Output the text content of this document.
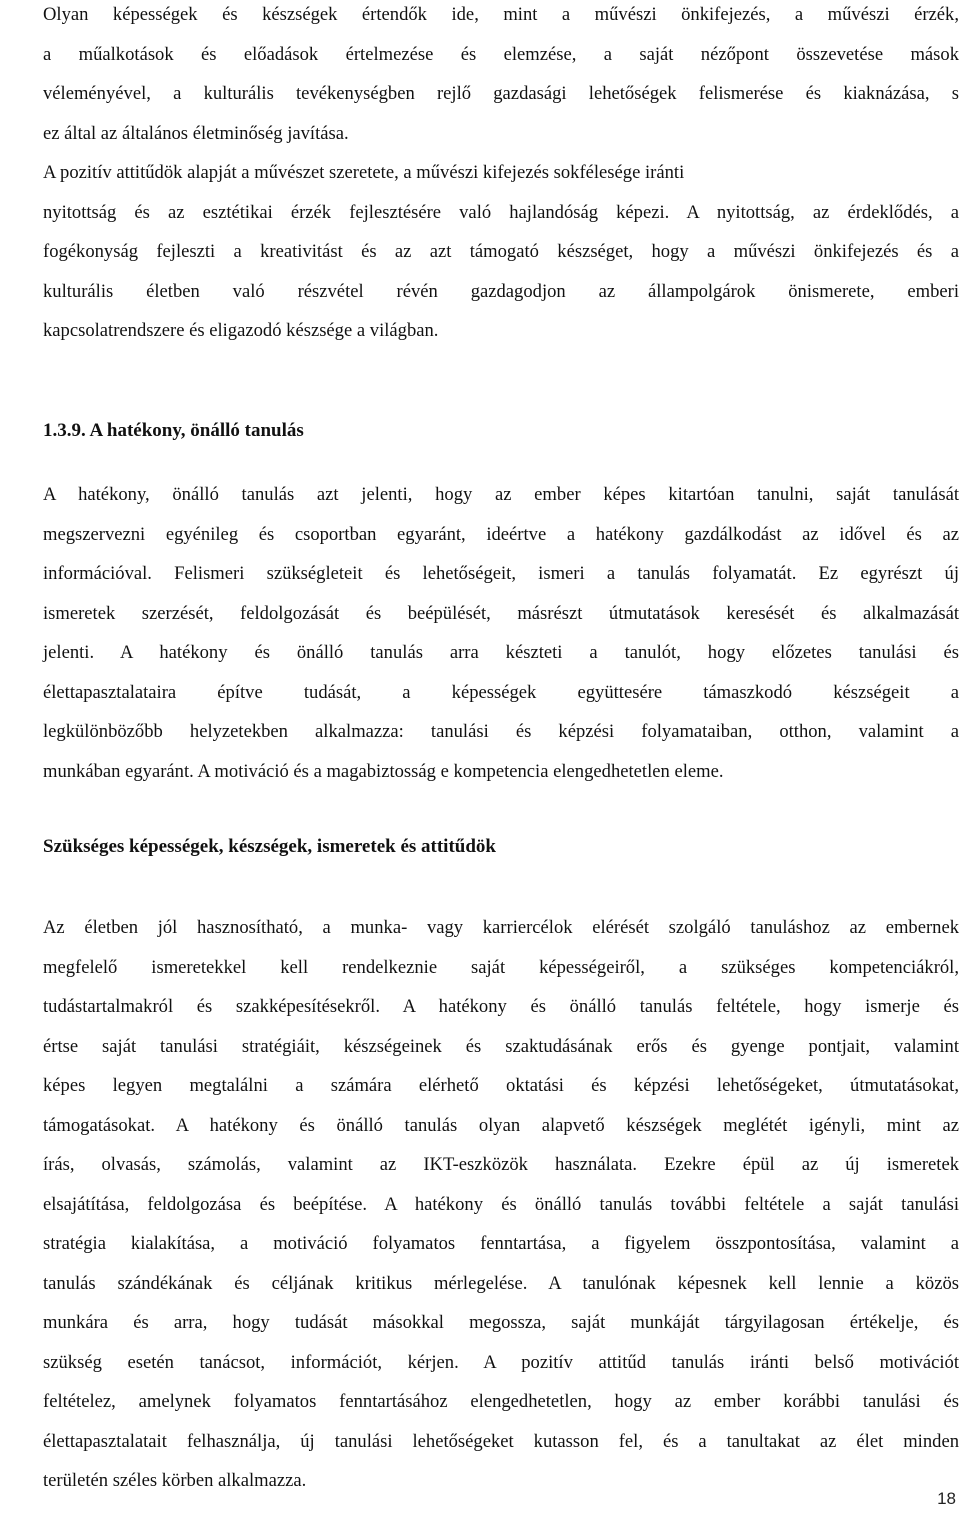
Olyan képességek és készségek értendők ide, mint a művészi önkifejezés, a művészi érzék,
a műalkotások és előadások értelmezése és elemzése, a saját nézőpont összevetése mások
véleményével, a kulturális tevékenységben rejlő gazdasági lehetőségek felismerése és kiaknázása, s
ez által az általános életminőség javítása.
A pozitív attitűdök alapját a művészet szeretete, a művészi kifejezés sokfélesége iránti
nyitottság és az esztétikai érzék fejlesztésére való hajlandóság képezi. A nyitottság, az érdeklődés, a
fogékonyság fejleszti a kreativitást és az azt támogató készséget, hogy a művészi önkifejezés és a
kulturális életben való részvétel révén gazdagodjon az állampolgárok önismerete, emberi
kapcsolatrendszere és eligazodó készsége a világban.
1.3.9. A hatékony, önálló tanulás
A hatékony, önálló tanulás azt jelenti, hogy az ember képes kitartóan tanulni, saját tanulását
megszervezni egyénileg és csoportban egyaránt, ideértve a hatékony gazdálkodást az idővel és az
információval. Felismeri szükségleteit és lehetőségeit, ismeri a tanulás folyamatát. Ez egyrészt új
ismeretek szerzését, feldolgozását és beépülését, másrészt útmutatások keresését és alkalmazását
jelenti. A hatékony és önálló tanulás arra készteti a tanulót, hogy előzetes tanulási és
élettapasztalataira építve tudását, a képességek együttesére támaszkodó készségeit a
legkülönbözőbb helyzetekben alkalmazza: tanulási és képzési folyamataiban, otthon, valamint a
munkában egyaránt. A motiváció és a magabiztosság e kompetencia elengedhetetlen eleme.
Szükséges képességek, készségek, ismeretek és attitűdök
Az életben jól hasznosítható, a munka- vagy karriercélok elérését szolgáló tanuláshoz az embernek
megfelelő ismeretekkel kell rendelkeznie saját képességeiről, a szükséges kompetenciákról,
tudástartalmakról és szakképesítésekről. A hatékony és önálló tanulás feltétele, hogy ismerje és
értse saját tanulási stratégiáit, készségeinek és szaktudásának erős és gyenge pontjait, valamint
képes legyen megtalálni a számára elérhető oktatási és képzési lehetőségeket, útmutatásokat,
támogatásokat. A hatékony és önálló tanulás olyan alapvető készségek meglétét igényli, mint az
írás, olvasás, számolás, valamint az IKT-eszközök használata. Ezekre épül az új ismeretek
elsajátítása, feldolgozása és beépítése. A hatékony és önálló tanulás további feltétele a saját tanulási
stratégia kialakítása, a motiváció folyamatos fenntartása, a figyelem összpontosítása, valamint a
tanulás szándékának és céljának kritikus mérlegelése. A tanulónak képesnek kell lennie a közös
munkára és arra, hogy tudását másokkal megossza, saját munkáját tárgyilagosan értékelje, és
szükség esetén tanácsot, információt, kérjen. A pozitív attitűd tanulás iránti belső motivációt
feltételez, amelynek folyamatos fenntartásához elengedhetetlen, hogy az ember korábbi tanulási és
élettapasztalatait felhasználja, új tanulási lehetőségeket kutasson fel, és a tanultakat az élet minden
területén széles körben alkalmazza.
18
